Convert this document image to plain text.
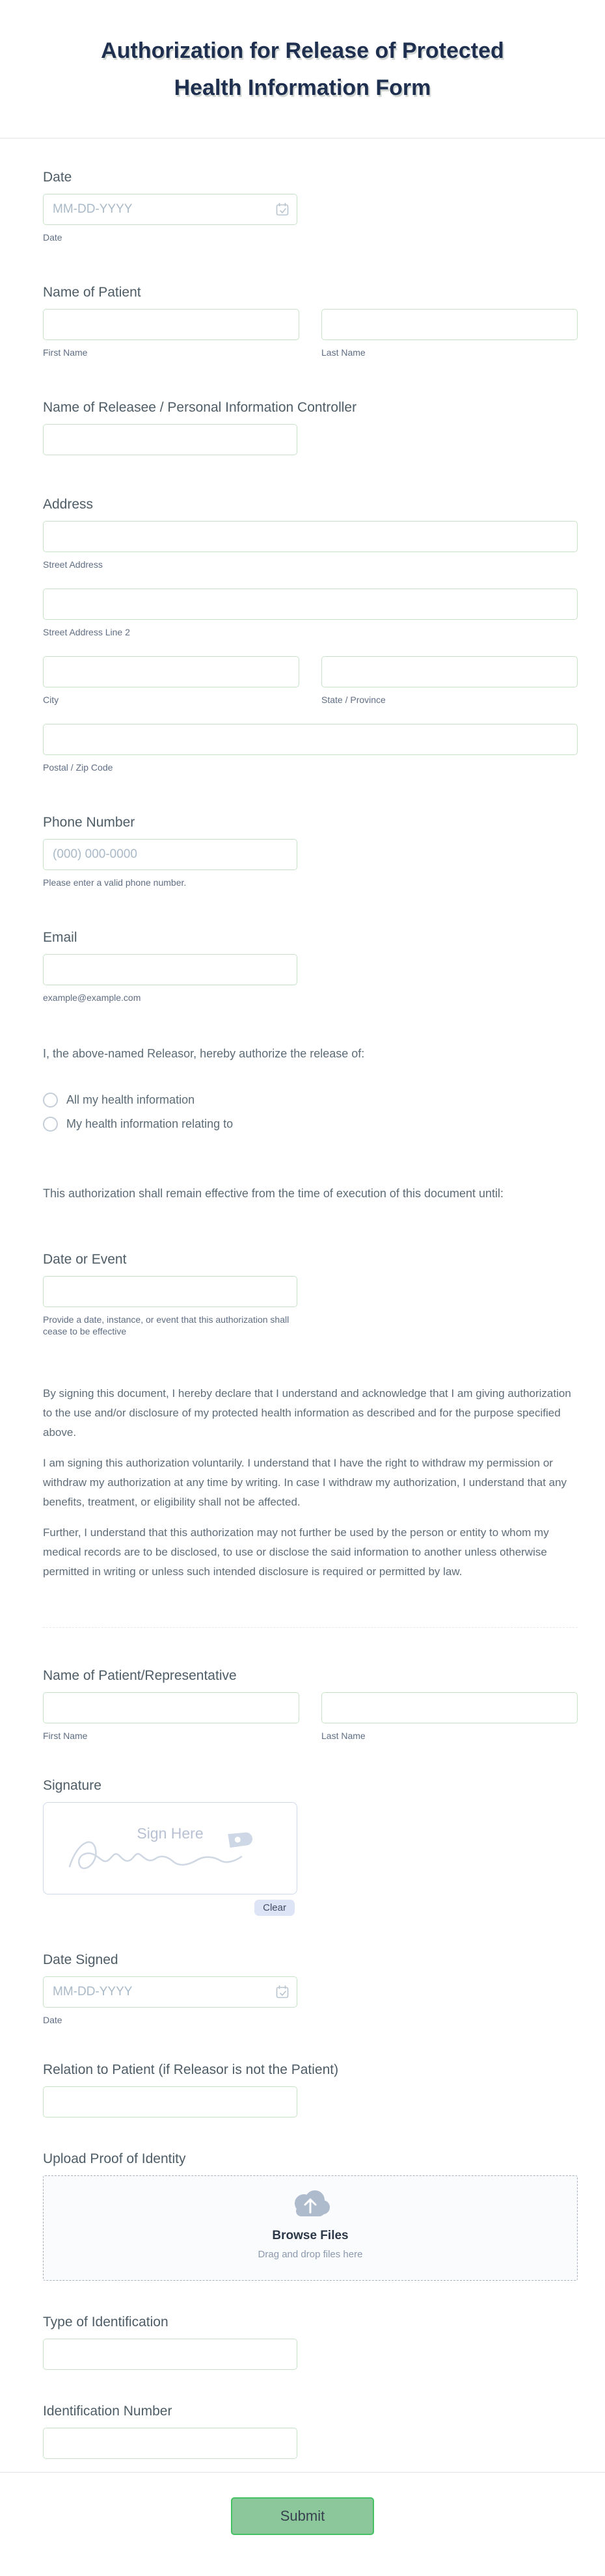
Authorization for Release of Protected Health Information Form
Date
MM-DD-YYYY
Date
Name of Patient
First Name	Last Name
Name of Releasee / Personal Information Controller
Address
Street Address
Street Address Line 2
City	State / Province
Postal / Zip Code
Phone Number
(000) 000-0000
Please enter a valid phone number.
Email
example@example.com

I, the above-named Releasor, hereby authorize the release of:

All my health information
My health information relating to

This authorization shall remain effective from the time of execution of this document until:

Date or Event
Provide a date, instance, or event that this authorization shall cease to be effective

By signing this document, I hereby declare that I understand and acknowledge that I am giving authorization to the use and/or disclosure of my protected health information as described and for the purpose specified above.

I am signing this authorization voluntarily. I understand that I have the right to withdraw my permission or withdraw my authorization at any time by writing. In case I withdraw my authorization, I understand that any benefits, treatment, or eligibility shall not be affected.

Further, I understand that this authorization may not further be used by the person or entity to whom my medical records are to be disclosed, to use or disclose the said information to another unless otherwise permitted in writing or unless such intended disclosure is required or permitted by law.

Name of Patient/Representative
First Name	Last Name
Signature
Sign Here
Clear
Date Signed
MM-DD-YYYY
Date
Relation to Patient (if Releasor is not the Patient)
Upload Proof of Identity
Browse Files
Drag and drop files here
Type of Identification
Identification Number
Submit
